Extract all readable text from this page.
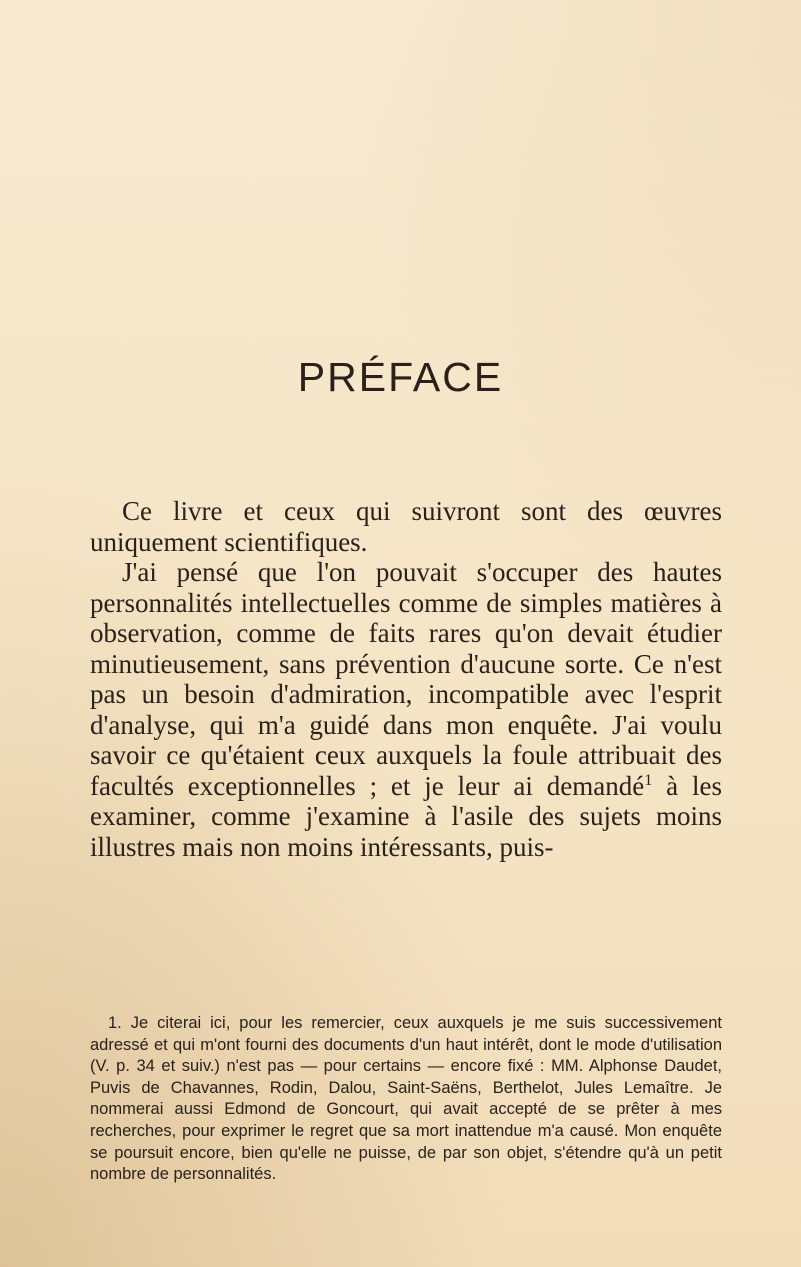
PRÉFACE

Ce livre et ceux qui suivront sont des œuvres uniquement scientifiques.

J'ai pensé que l'on pouvait s'occuper des hautes personnalités intellectuelles comme de simples matières à observation, comme de faits rares qu'on devait étudier minutieusement, sans prévention d'aucune sorte. Ce n'est pas un besoin d'admiration, incompatible avec l'esprit d'analyse, qui m'a guidé dans mon enquête. J'ai voulu savoir ce qu'étaient ceux auxquels la foule attribuait des facultés exceptionnelles ; et je leur ai demandé$^1$ à les examiner, comme j'examine à l'asile des sujets moins illustres mais non moins intéressants, puis-

1. Je citerai ici, pour les remercier, ceux auxquels je me suis successivement adressé et qui m'ont fourni des documents d'un haut intérêt, dont le mode d'utilisation (V. p. 34 et suiv.) n'est pas — pour certains — encore fixé : MM. Alphonse Daudet, Puvis de Chavannes, Rodin, Dalou, Saint-Saëns, Berthelot, Jules Lemaître. Je nommerai aussi Edmond de Goncourt, qui avait accepté de se prêter à mes recherches, pour exprimer le regret que sa mort inattendue m'a causé. Mon enquête se poursuit encore, bien qu'elle ne puisse, de par son objet, s'étendre qu'à un petit nombre de personnalités.
